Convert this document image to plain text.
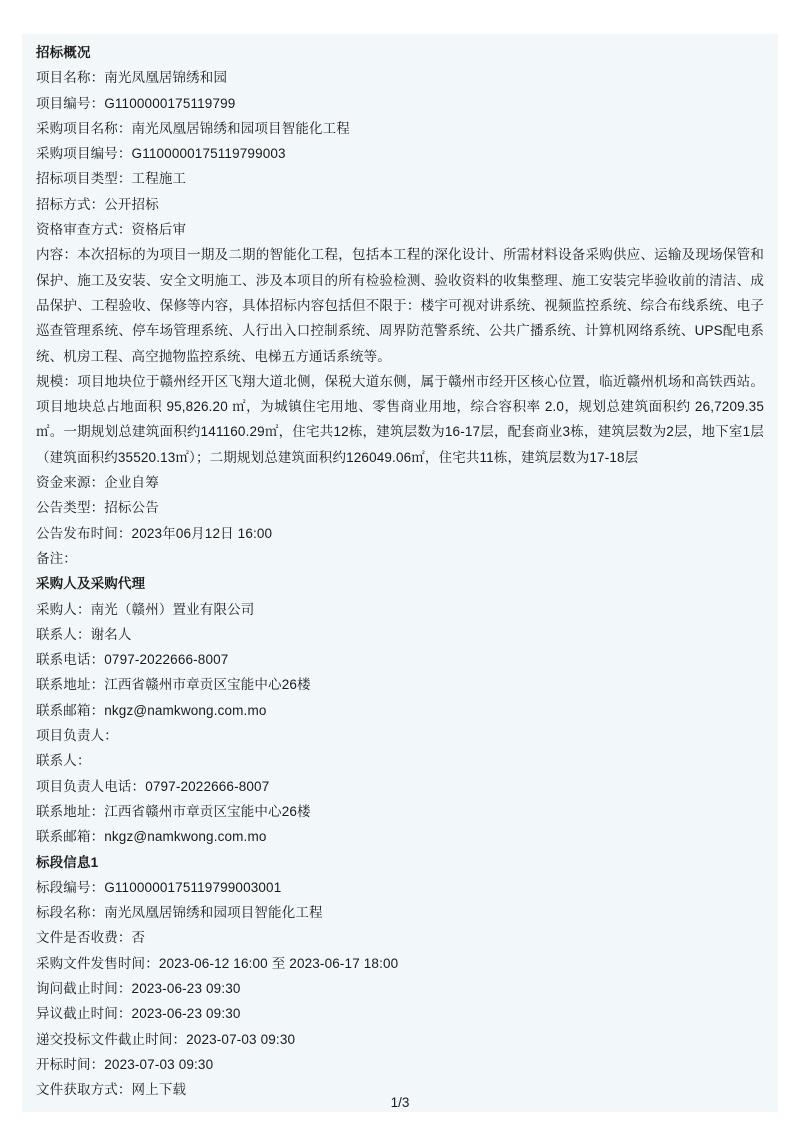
招标概况
项目名称：南光凤凰居锦绣和园
项目编号：G1100000175119799
采购项目名称：南光凤凰居锦绣和园项目智能化工程
采购项目编号：G1100000175119799003
招标项目类型：工程施工
招标方式：公开招标
资格审查方式：资格后审
内容：本次招标的为项目一期及二期的智能化工程，包括本工程的深化设计、所需材料设备采购供应、运输及现场保管和保护、施工及安装、安全文明施工、涉及本项目的所有检验检测、验收资料的收集整理、施工安装完毕验收前的清洁、成品保护、工程验收、保修等内容，具体招标内容包括但不限于：楼宇可视对讲系统、视频监控系统、综合布线系统、电子巡查管理系统、停车场管理系统、人行出入口控制系统、周界防范警系统、公共广播系统、计算机网络系统、UPS配电系统、机房工程、高空抛物监控系统、电梯五方通话系统等。
规模：项目地块位于赣州经开区飞翔大道北侧，保税大道东侧，属于赣州市经开区核心位置，临近赣州机场和高铁西站。项目地块总占地面积 95,826.20 ㎡，为城镇住宅用地、零售商业用地，综合容积率 2.0，规划总建筑面积约 26,7209.35㎡。一期规划总建筑面积约141160.29㎡，住宅共12栋，建筑层数为16-17层，配套商业3栋，建筑层数为2层，地下室1层（建筑面积约35520.13㎡）；二期规划总建筑面积约126049.06㎡，住宅共11栋，建筑层数为17-18层
资金来源：企业自筹
公告类型：招标公告
公告发布时间：2023年06月12日 16:00
备注：
采购人及采购代理
采购人：南光（赣州）置业有限公司
联系人：谢名人
联系电话：0797-2022666-8007
联系地址：江西省赣州市章贡区宝能中心26楼
联系邮箱：nkgz@namkwong.com.mo
项目负责人：
联系人：
项目负责人电话：0797-2022666-8007
联系地址：江西省赣州市章贡区宝能中心26楼
联系邮箱：nkgz@namkwong.com.mo
标段信息1
标段编号：G1100000175119799003001
标段名称：南光凤凰居锦绣和园项目智能化工程
文件是否收费：否
采购文件发售时间：2023-06-12 16:00 至 2023-06-17 18:00
询问截止时间：2023-06-23 09:30
异议截止时间：2023-06-23 09:30
递交投标文件截止时间：2023-07-03 09:30
开标时间：2023-07-03 09:30
文件获取方式：网上下载
1/3
